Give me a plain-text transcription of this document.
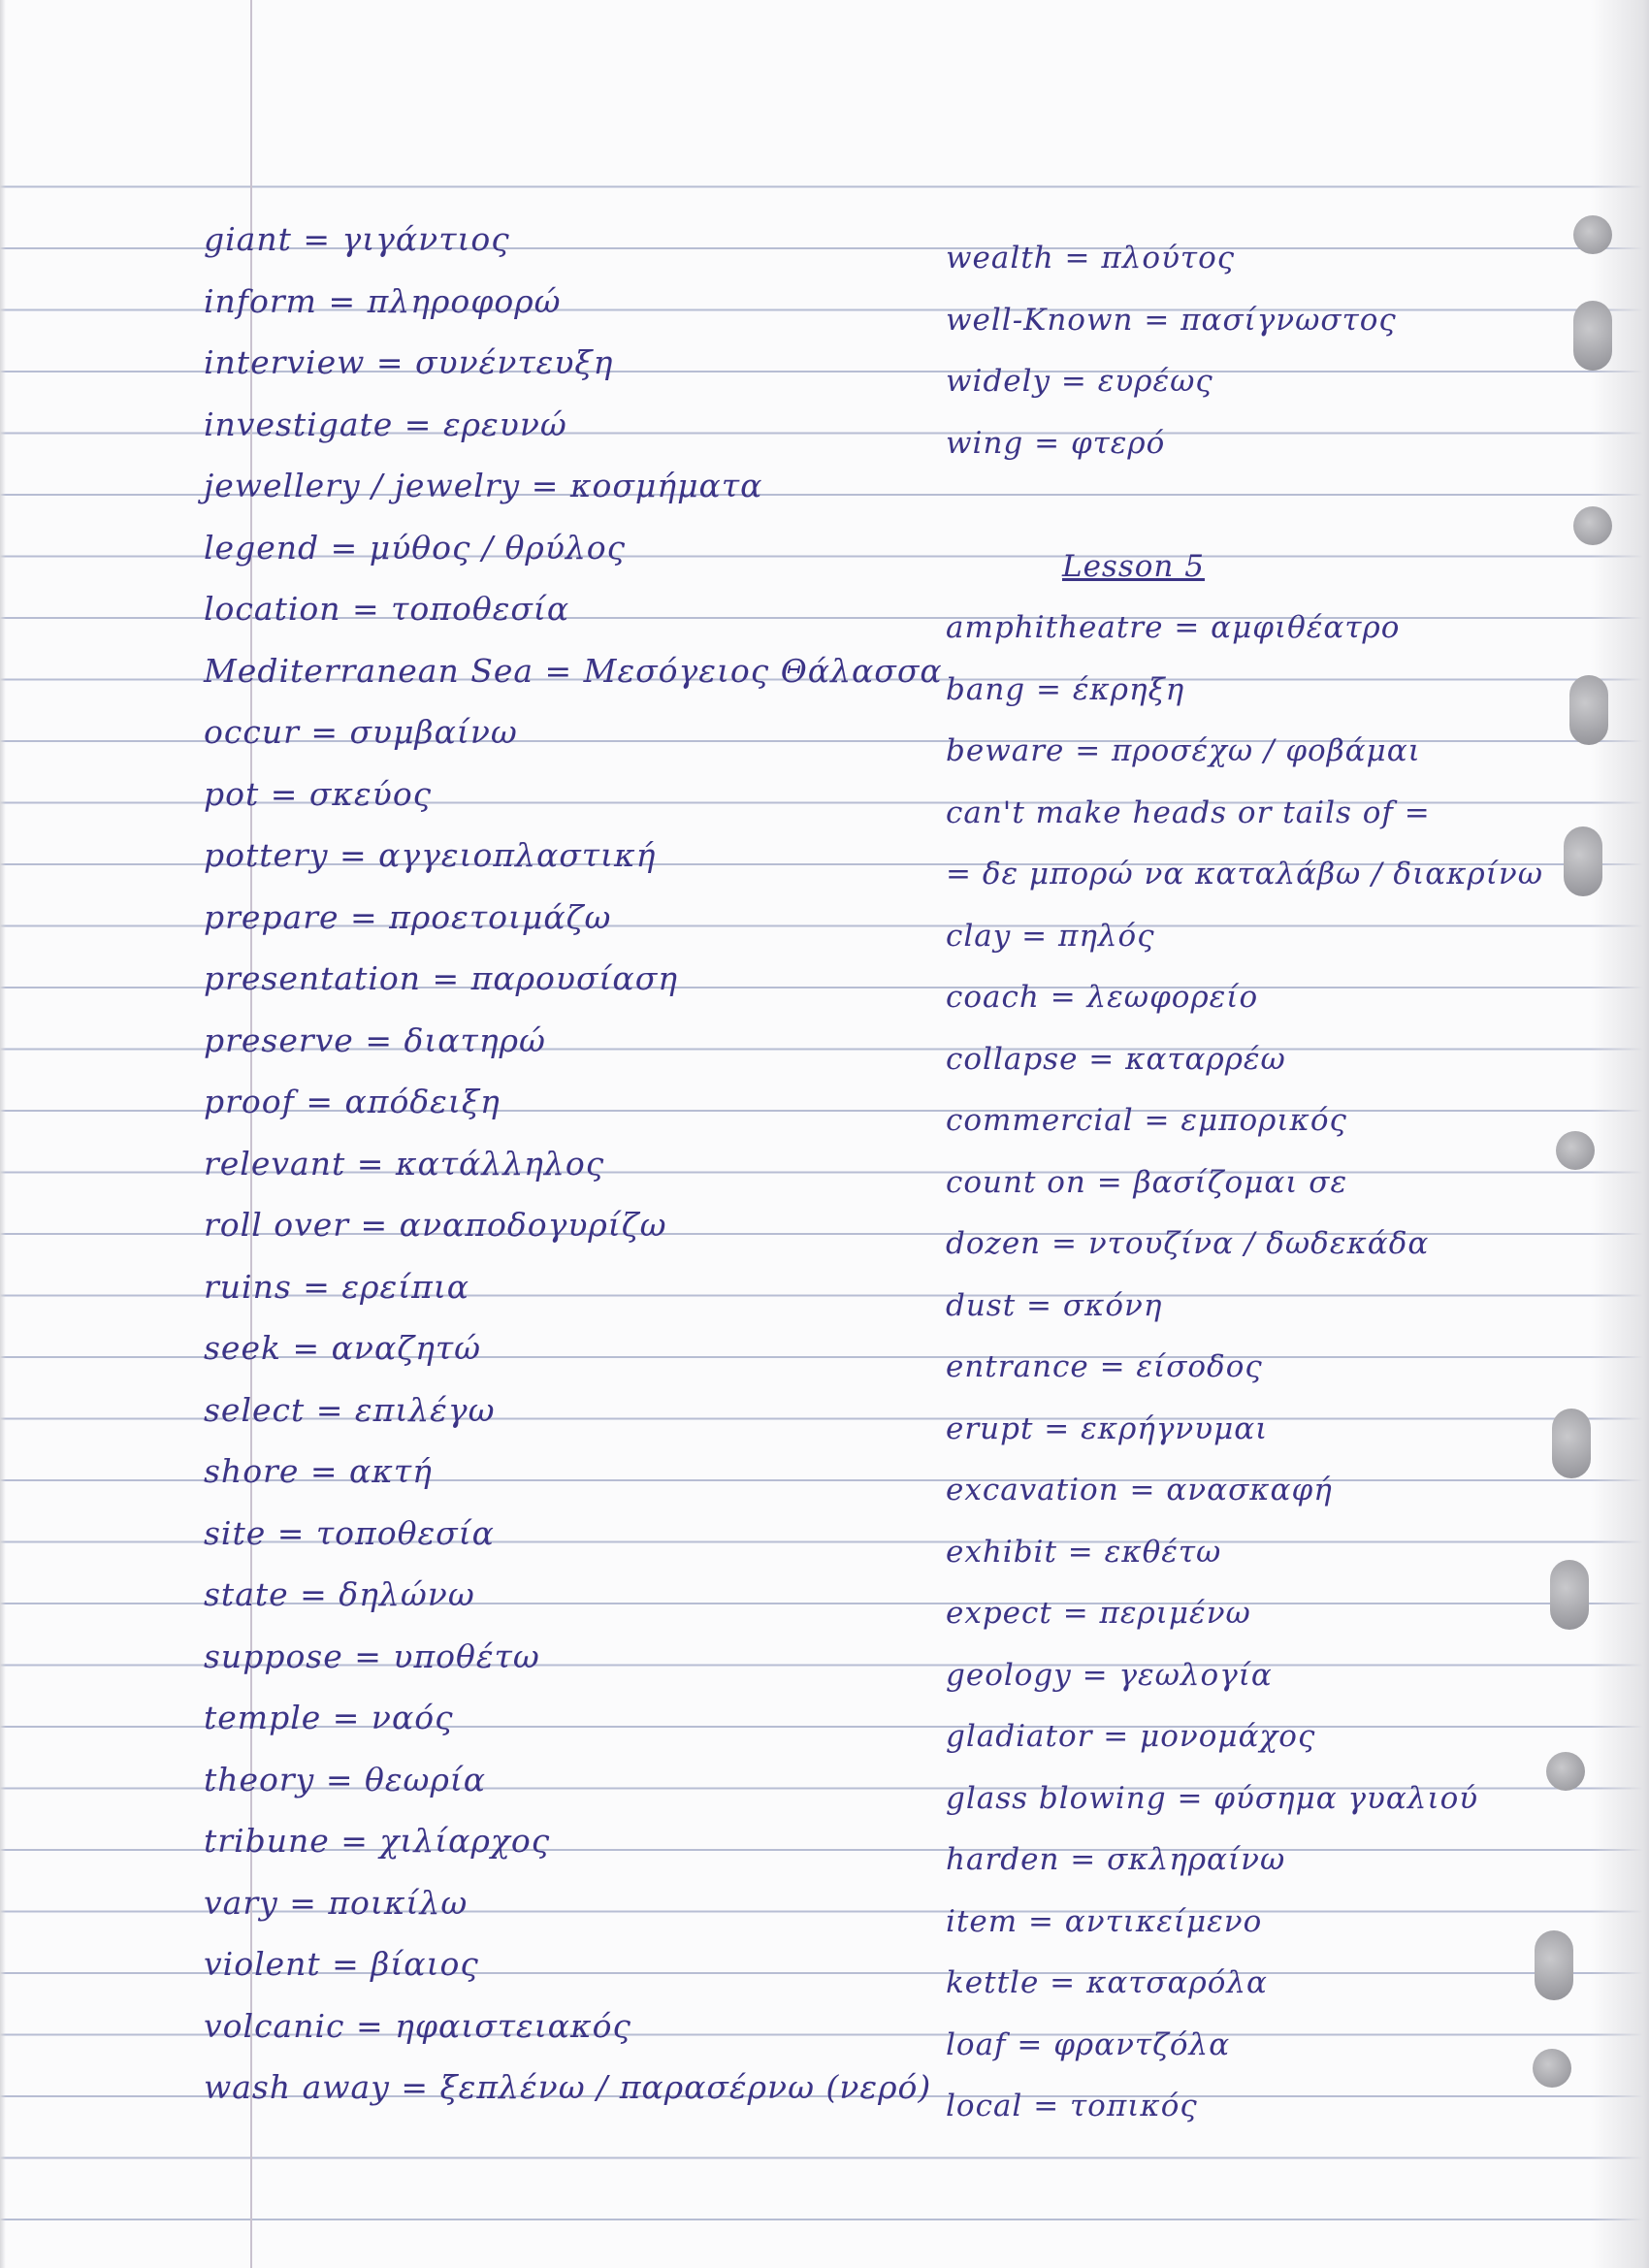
giant = γιγάντιος
inform = πληροφορώ
interview = συνέντευξη
investigate = ερευνώ
jewellery / jewelry = κοσμήματα
legend = μύθος / θρύλος
location = τοποθεσία
Mediterranean Sea = Μεσόγειος Θάλασσα
occur = συμβαίνω
pot = σκεύος
pottery = αγγειοπλαστική
prepare = προετοιμάζω
presentation = παρουσίαση
preserve = διατηρώ
proof = απόδειξη
relevant = κατάλληλος
roll over = αναποδογυρίζω
ruins = ερείπια
seek = αναζητώ
select = επιλέγω
shore = ακτή
site = τοποθεσία
state = δηλώνω
suppose = υποθέτω
temple = ναός
theory = θεωρία
tribune = χιλίαρχος
vary = ποικίλω
violent = βίαιος
volcanic = ηφαιστειακός
wash away = ξεπλένω / παρασέρνω (νερό)
wealth = πλούτος
well-Known = πασίγνωστος
widely = ευρέως
wing = φτερό
Lesson 5
amphitheatre = αμφιθέατρο
bang = έκρηξη
beware = προσέχω / φοβάμαι
can't make heads or tails of =
= δε μπορώ να καταλάβω / διακρίνω
clay = πηλός
coach = λεωφορείο
collapse = καταρρέω
commercial = εμπορικός
count on = βασίζομαι σε
dozen = ντουζίνα / δωδεκάδα
dust = σκόνη
entrance = είσοδος
erupt = εκρήγνυμαι
excavation = ανασκαφή
exhibit = εκθέτω
expect = περιμένω
geology = γεωλογία
gladiator = μονομάχος
glass blowing = φύσημα γυαλιού
harden = σκληραίνω
item = αντικείμενο
kettle = κατσαρόλα
loaf = φραντζόλα
local = τοπικός
